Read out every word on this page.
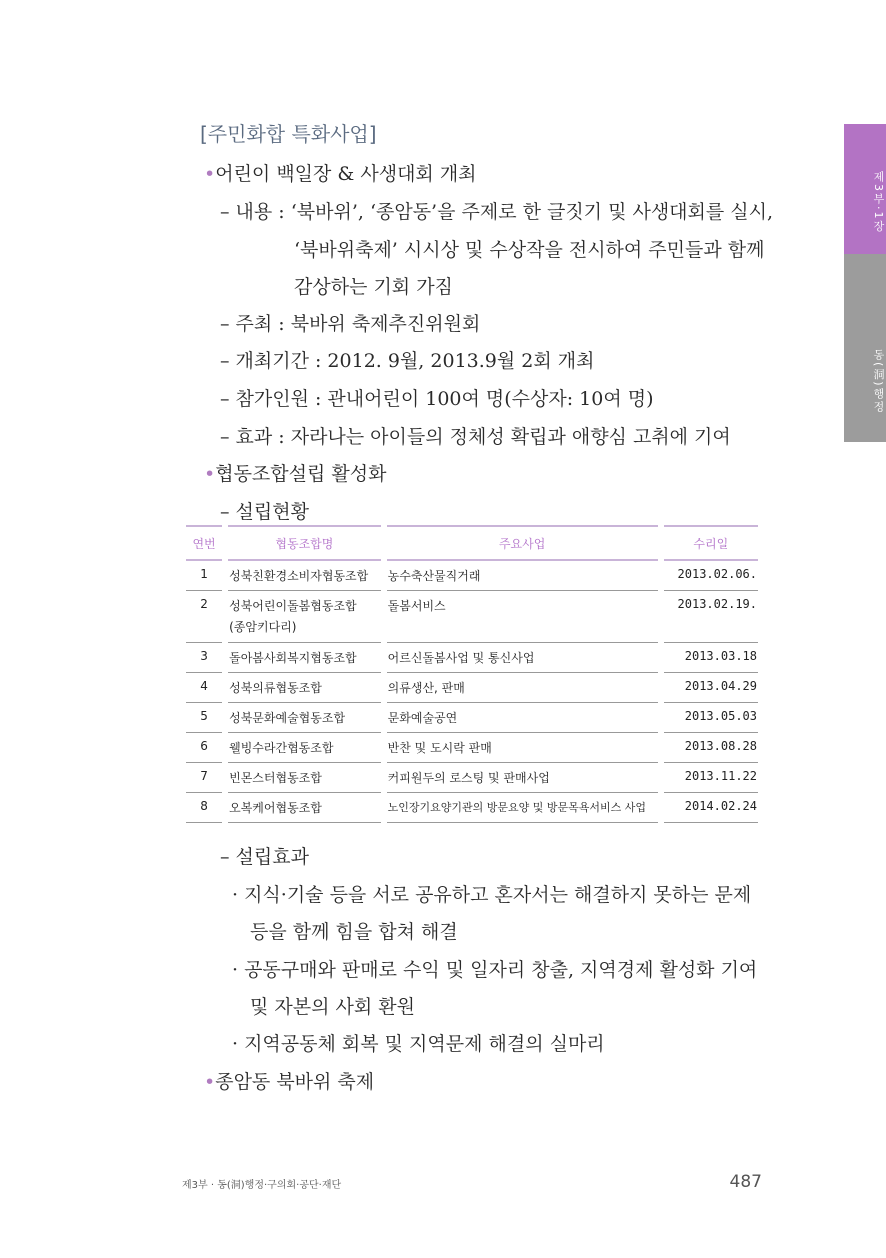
제3부·1장
동(洞)행정
[주민화합 특화사업]
•어린이 백일장 & 사생대회 개최
– 내용 : ‘북바위’, ‘종암동’을 주제로 한 글짓기 및 사생대회를 실시,
‘북바위축제’ 시시상 및 수상작을 전시하여 주민들과 함께
감상하는 기회 가짐
– 주최 : 북바위 축제추진위원회
– 개최기간 : 2012. 9월, 2013.9월 2회 개최
– 참가인원 : 관내어린이 100여 명(수상자: 10여 명)
– 효과 : 자라나는 아이들의 정체성 확립과 애향심 고취에 기여
•협동조합설립 활성화
– 설립현황
연번	협동조합명	주요사업	수리일
1	성북친환경소비자협동조합	농수축산물직거래	2013.02.06.
2	성북어린이돌봄협동조합
(종암키다리)	돌봄서비스	2013.02.19.
3	돌아봄사회복지협동조합	어르신돌봄사업 및 통신사업	2013.03.18
4	성북의류협동조합	의류생산, 판매	2013.04.29
5	성북문화예술협동조합	문화예술공연	2013.05.03
6	웰빙수라간협동조합	반찬 및 도시락 판매	2013.08.28
7	빈몬스터협동조합	커피원두의 로스팅 및 판매사업	2013.11.22
8	오복케어협동조합	노인장기요양기관의 방문요양 및 방문목욕서비스 사업	2014.02.24
– 설립효과
· 지식·기술 등을 서로 공유하고 혼자서는 해결하지 못하는 문제
등을 함께 힘을 합쳐 해결
· 공동구매와 판매로 수익 및 일자리 창출, 지역경제 활성화 기여
및 자본의 사회 환원
· 지역공동체 회복 및 지역문제 해결의 실마리
•종암동 북바위 축제
제3부 · 동(洞)행정·구의회·공단·재단	487
